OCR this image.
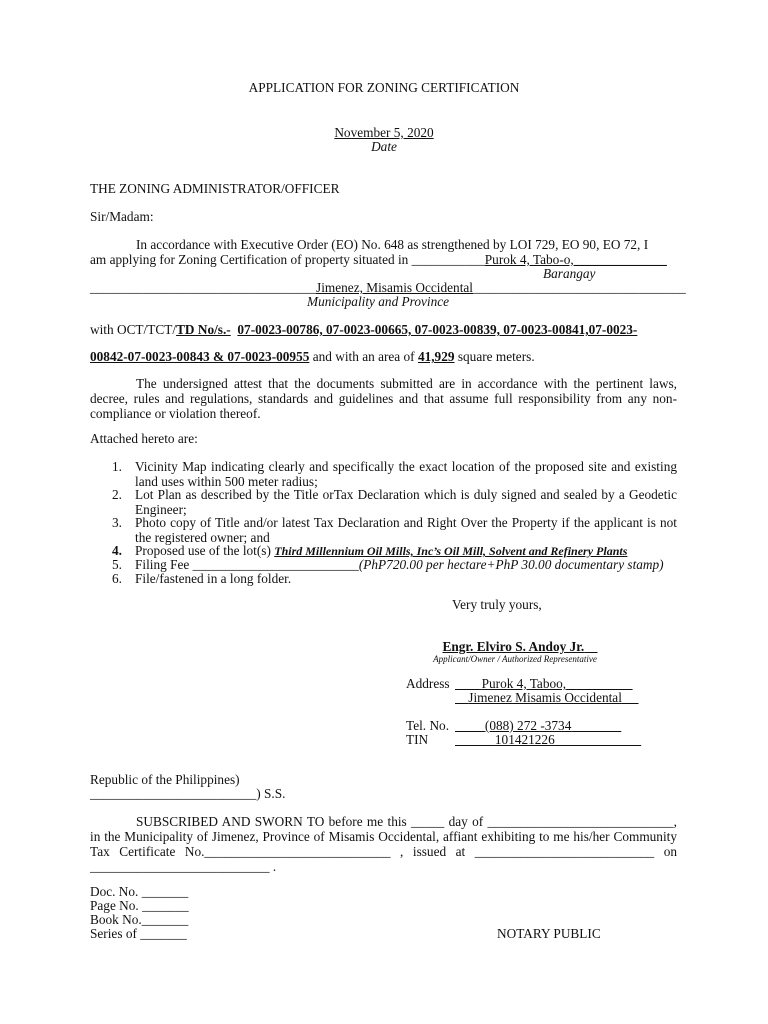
APPLICATION FOR ZONING CERTIFICATION
November 5, 2020
Date
THE ZONING ADMINISTRATOR/OFFICER
Sir/Madam:
In accordance with Executive Order (EO) No. 648 as strengthened by LOI 729, EO 90, EO 72, I
am applying for Zoning Certification of property situated in ___________Purok 4, Tabo-o,______________
Barangay
__________________________________Jimenez, Misamis Occidental________________________________
Municipality and Province
with OCT/TCT/TD No/s.- 07-0023-00786, 07-0023-00665, 07-0023-00839, 07-0023-00841,07-0023-
00842-07-0023-00843 & 07-0023-00955 and with an area of 41,929 square meters.
The undersigned attest that the documents submitted are in accordance with the pertinent laws, decree, rules and regulations, standards and guidelines and that assume full responsibility from any non-compliance or violation thereof.
Attached hereto are:
1. Vicinity Map indicating clearly and specifically the exact location of the proposed site and existing land uses within 500 meter radius;
2. Lot Plan as described by the Title orTax Declaration which is duly signed and sealed by a Geodetic Engineer;
3. Photo copy of Title and/or latest Tax Declaration and Right Over the Property if the applicant is not the registered owner; and
4. Proposed use of the lot(s) Third Millennium Oil Mills, Inc’s Oil Mill, Solvent and Refinery Plants
5. Filing Fee _________________________(PhP720.00 per hectare+PhP 30.00 documentary stamp)
6. File/fastened in a long folder.
Very truly yours,
Engr. Elviro S. Andoy Jr.
Applicant/Owner / Authorized Representative
Address	Purok 4, Taboo,
Jimenez Misamis Occidental
Tel. No.	(088) 272 -3734
TIN	101421226
Republic of the Philippines)
_________________________) S.S.
SUBSCRIBED AND SWORN TO before me this _____ day of ____________________________, in the Municipality of Jimenez, Province of Misamis Occidental, affiant exhibiting to me his/her Community Tax Certificate No.____________________________ , issued at ___________________________ on ___________________________ .
Doc. No. _______
Page No. _______
Book No._______
Series of _______	NOTARY PUBLIC
